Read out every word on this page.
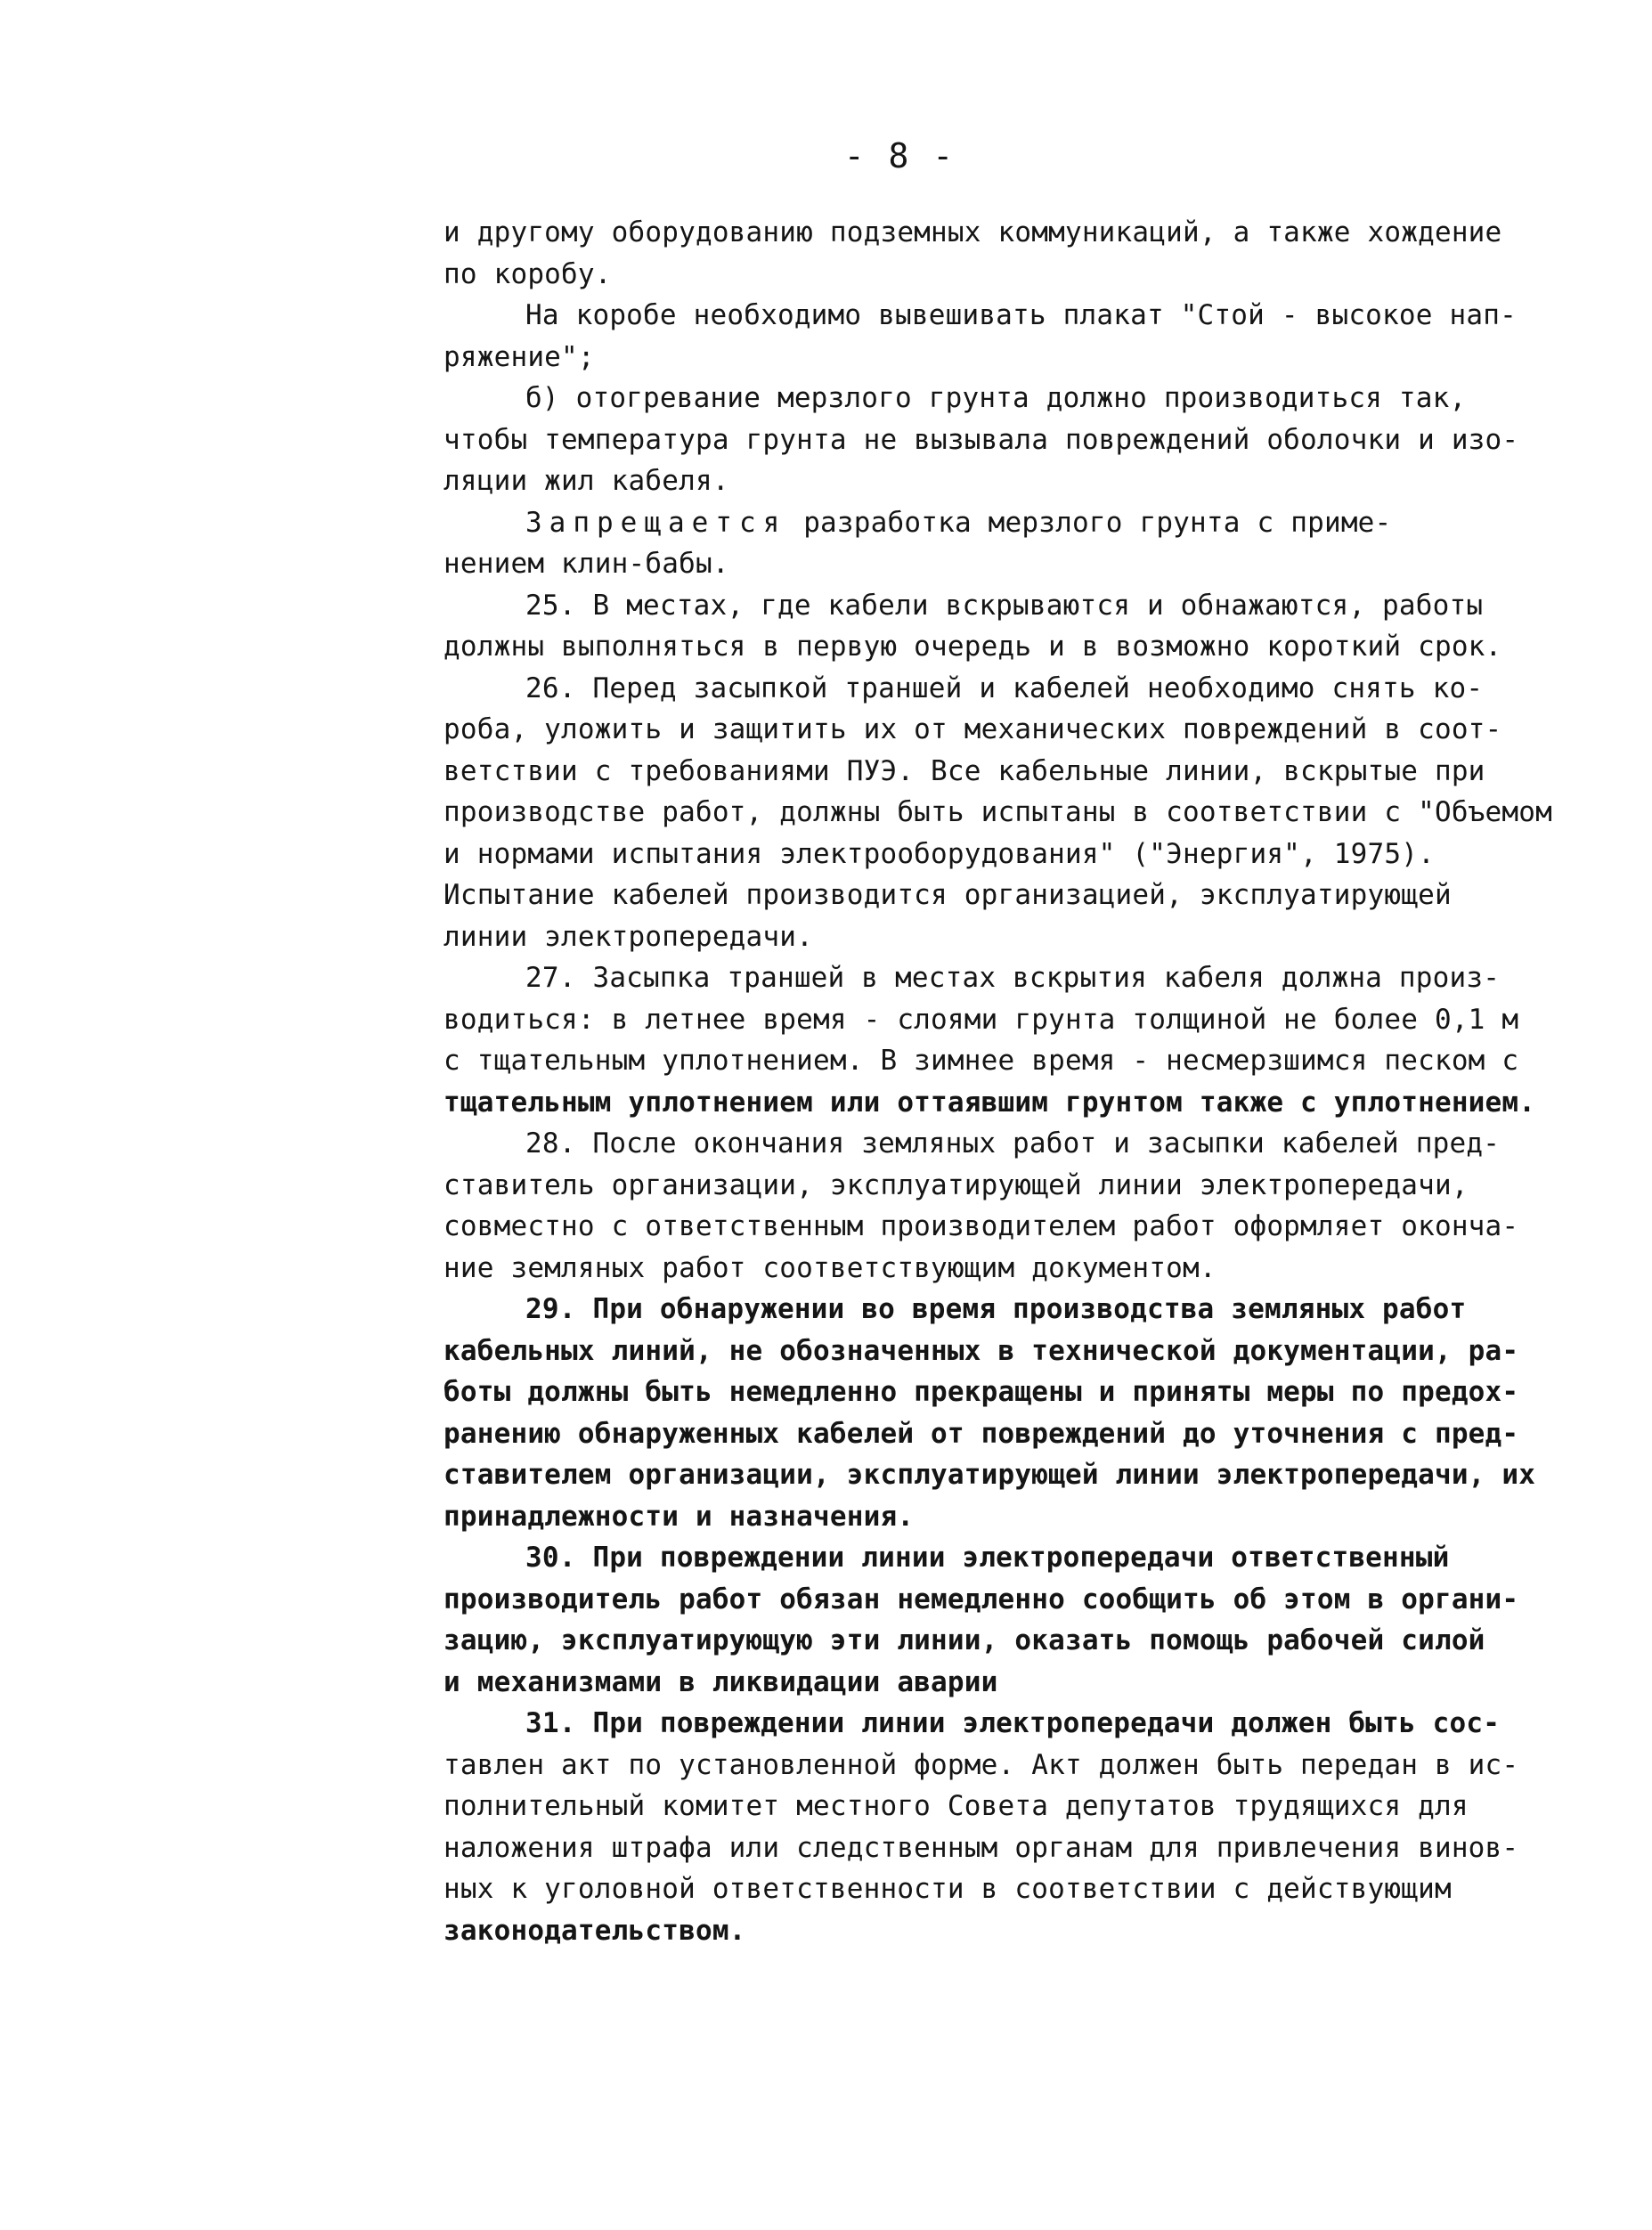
- 8 -
и другому оборудованию подземных коммуникаций, а также хождение
по коробу.
На коробе необходимо вывешивать плакат "Стой - высокое нап-
ряжение";
б) отогревание мерзлого грунта должно производиться так,
чтобы температура грунта не вызывала повреждений оболочки и изо-
ляции жил кабеля.
Запрещается разработка мерзлого грунта с приме-
нением клин-бабы.
25. В местах, где кабели вскрываются и обнажаются, работы
должны выполняться в первую очередь и в возможно короткий срок.
26. Перед засыпкой траншей и кабелей необходимо снять ко-
роба, уложить и защитить их от механических повреждений в соот-
ветствии с требованиями ПУЭ. Все кабельные линии, вскрытые при
производстве работ, должны быть испытаны в соответствии с "Объемом
и нормами испытания электрооборудования" ("Энергия", 1975).
Испытание кабелей производится организацией, эксплуатирующей
линии электропередачи.
27. Засыпка траншей в местах вскрытия кабеля должна произ-
водиться: в летнее время - слоями грунта толщиной не более 0,1 м
с тщательным уплотнением. В зимнее время - несмерзшимся песком с
тщательным уплотнением или оттаявшим грунтом также с уплотнением.
28. После окончания земляных работ и засыпки кабелей пред-
ставитель организации, эксплуатирующей линии электропередачи,
совместно с ответственным производителем работ оформляет оконча-
ние земляных работ соответствующим документом.
29. При обнаружении во время производства земляных работ
кабельных линий, не обозначенных в технической документации, ра-
боты должны быть немедленно прекращены и приняты меры по предох-
ранению обнаруженных кабелей от повреждений до уточнения с пред-
ставителем организации, эксплуатирующей линии электропередачи, их
принадлежности и назначения.
30. При повреждении линии электропередачи ответственный
производитель работ обязан немедленно сообщить об этом в органи-
зацию, эксплуатирующую эти линии, оказать помощь рабочей силой
и механизмами в ликвидации аварии
31. При повреждении линии электропередачи должен быть сос-
тавлен акт по установленной форме. Акт должен быть передан в ис-
полнительный комитет местного Совета депутатов трудящихся для
наложения штрафа или следственным органам для привлечения винов-
ных к уголовной ответственности в соответствии с действующим
законодательством.
